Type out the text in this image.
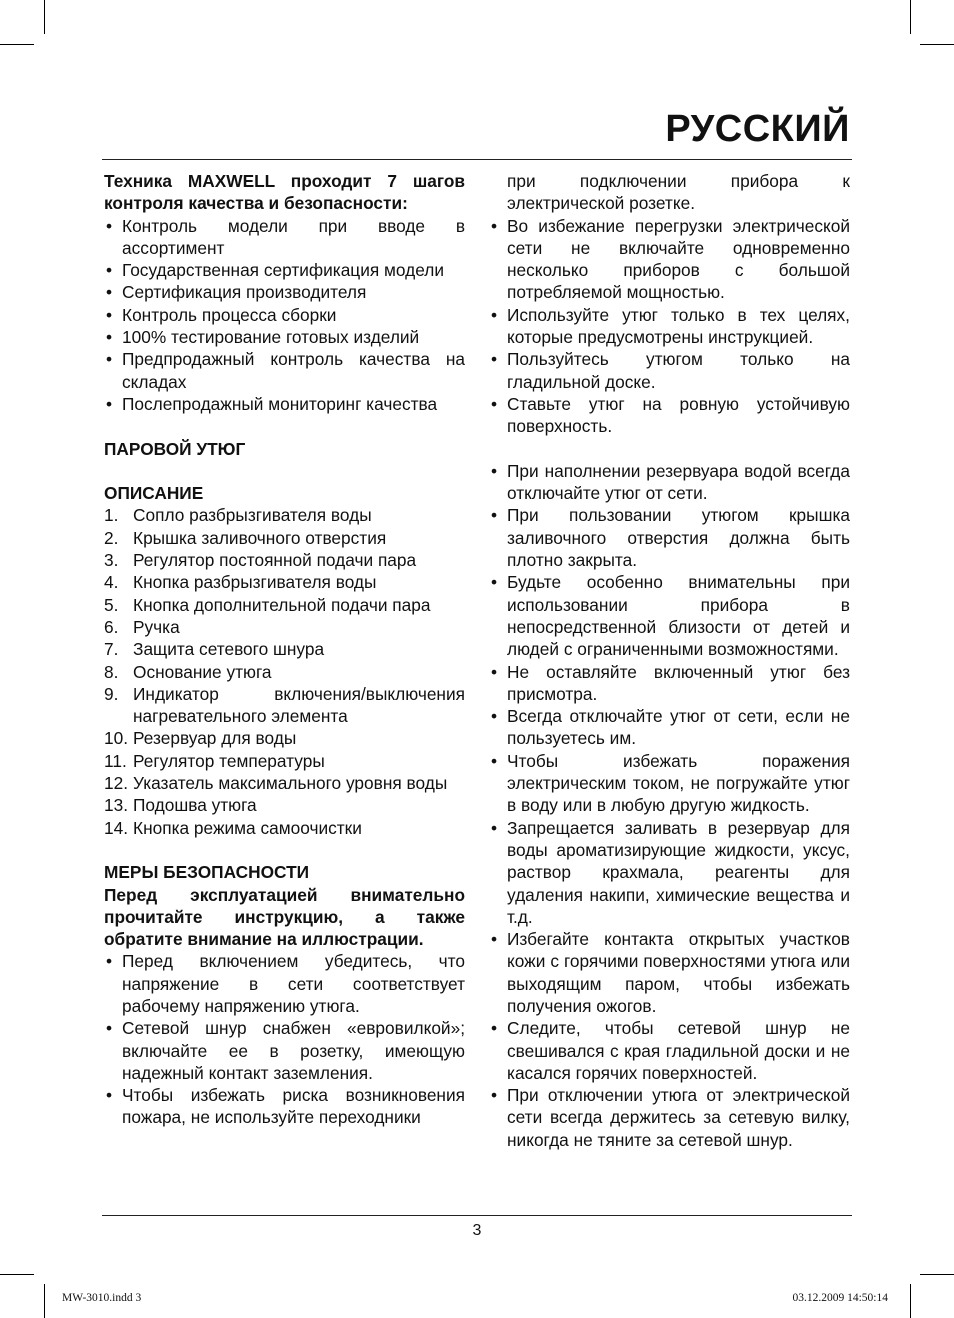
РУССКИЙ

Техника MAXWELL проходит 7 шагов контроля качества и безопасности:

• Контроль модели при вводе в ассортимент
• Государственная сертификация модели
• Сертификация производителя
• Контроль процесса сборки
• 100% тестирование готовых изделий
• Предпродажный контроль качества на складах
• Послепродажный мониторинг качества

ПАРОВОЙ УТЮГ

ОПИСАНИЕ

1. Сопло разбрызгивателя воды
2. Крышка заливочного отверстия
3. Регулятор постоянной подачи пара
4. Кнопка разбрызгивателя воды
5. Кнопка дополнительной подачи пара
6. Ручка
7. Защита сетевого шнура
8. Основание утюга
9. Индикатор включения/выключения нагревательного элемента
10. Резервуар для воды
11. Регулятор температуры
12. Указатель максимального уровня воды
13. Подошва утюга
14. Кнопка режима самоочистки

МЕРЫ БЕЗОПАСНОСТИ

Перед эксплуатацией внимательно прочитайте инструкцию, а также обратите внимание на иллюстрации.

• Перед включением убедитесь, что напряжение в сети соответствует рабочему напряжению утюга.
• Сетевой шнур снабжен «евровилкой»; включайте ее в розетку, имеющую надежный контакт заземления.
• Чтобы избежать риска возникновения пожара, не используйте переходники

при подключении прибора к электрической розетке.

• Во избежание перегрузки электрической сети не включайте одновременно несколько приборов с большой потребляемой мощностью.
• Используйте утюг только в тех целях, которые предусмотрены инструкцией.
• Пользуйтесь утюгом только на гладильной доске.
• Ставьте утюг на ровную устойчивую поверхность.
• При наполнении резервуара водой всегда отключайте утюг от сети.
• При пользовании утюгом крышка заливочного отверстия должна быть плотно закрыта.
• Будьте особенно внимательны при использовании прибора в непосредственной близости от детей и людей с ограниченными возможностями.
• Не оставляйте включенный утюг без присмотра.
• Всегда отключайте утюг от сети, если не пользуетесь им.
• Чтобы избежать поражения электрическим током, не погружайте утюг в воду или в любую другую жидкость.
• Запрещается заливать в резервуар для воды ароматизирующие жидкости, уксус, раствор крахмала, реагенты для удаления накипи, химические вещества и т.д.
• Избегайте контакта открытых участков кожи с горячими поверхностями утюга или выходящим паром, чтобы избежать получения ожогов.
• Следите, чтобы сетевой шнур не свешивался с края гладильной доски и не касался горячих поверхностей.
• При отключении утюга от электрической сети всегда держитесь за сетевую вилку, никогда не тяните за сетевой шнур.
3
MW-3010.indd 3	03.12.2009 14:50:14
